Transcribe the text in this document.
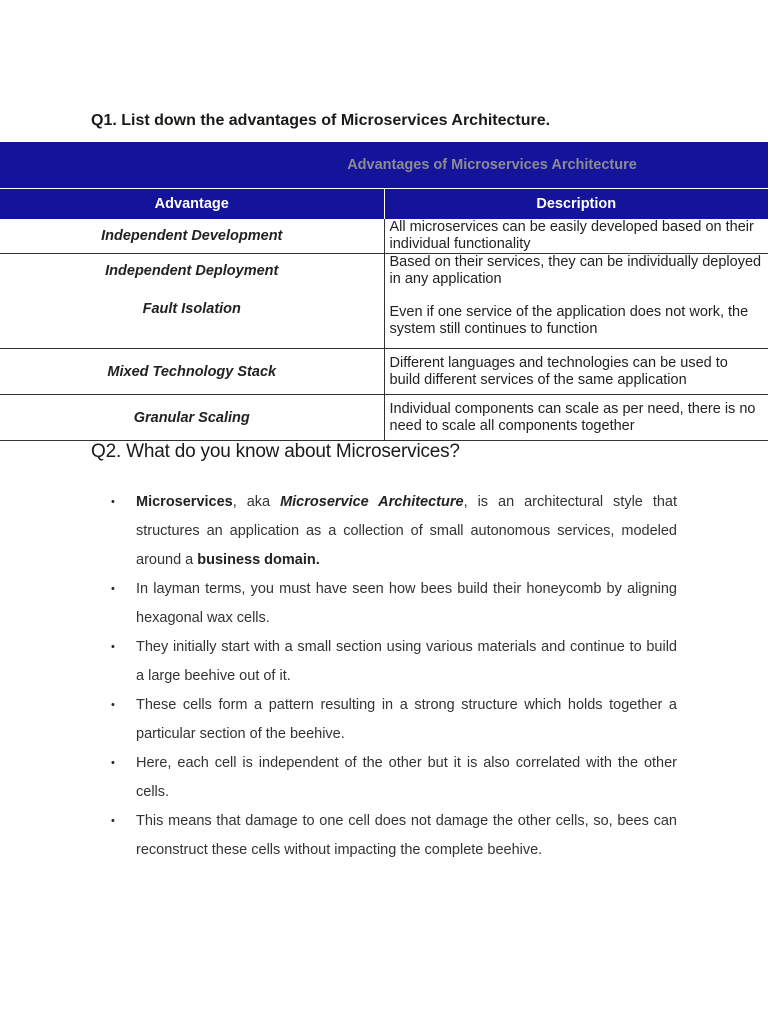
Q1. List down the advantages of Microservices Architecture.
Advantages of Microservices Architecture	
Advantage	Description
Independent Development	All microservices can be easily developed based on their individual functionality
Independent Deployment	Based on their services, they can be individually deployed in any application
Fault Isolation	Even if one service of the application does not work, the system still continues to function
Mixed Technology Stack	Different languages and technologies can be used to build different services of the same application
Granular Scaling	Individual components can scale as per need, there is no need to scale all components together
Q2. What do you know about Microservices?
• Microservices, aka Microservice Architecture, is an architectural style that structures an application as a collection of small autonomous services, modeled around a business domain.
• In layman terms, you must have seen how bees build their honeycomb by aligning hexagonal wax cells.
• They initially start with a small section using various materials and continue to build a large beehive out of it.
• These cells form a pattern resulting in a strong structure which holds together a particular section of the beehive.
• Here, each cell is independent of the other but it is also correlated with the other cells.
• This means that damage to one cell does not damage the other cells, so, bees can reconstruct these cells without impacting the complete beehive.
